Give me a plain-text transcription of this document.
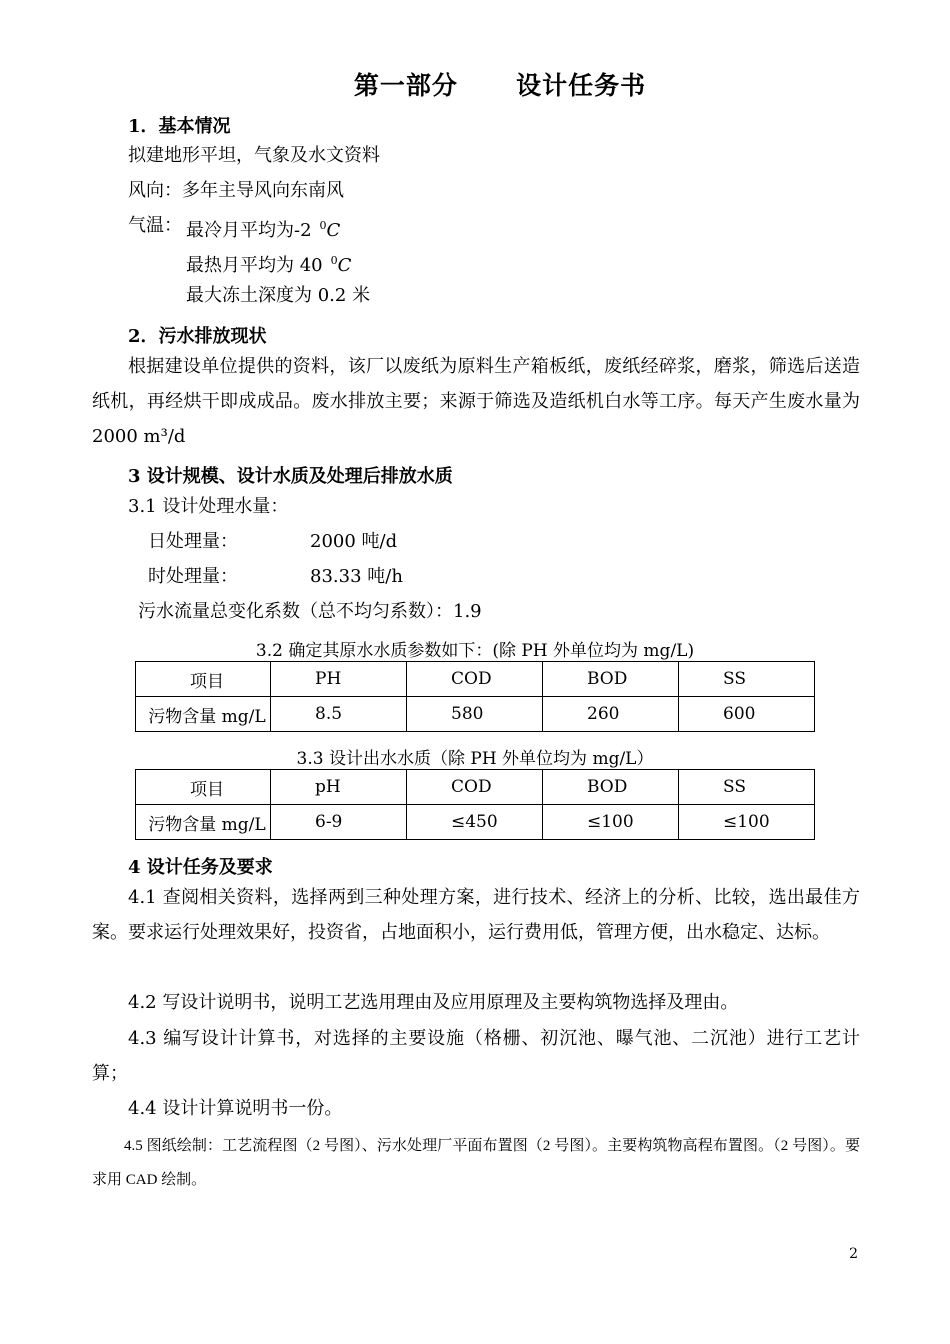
第一部分      设计任务书
1．基本情况
拟建地形平坦，气象及水文资料
风向：多年主导风向东南风
气温： 最冷月平均为-2 $^0$C
最热月平均为 40 $^0$C
最大冻土深度为 0.2 米
2．污水排放现状
根据建设单位提供的资料，该厂以废纸为原料生产箱板纸，废纸经碎浆，磨浆，筛选后送造纸机，再经烘干即成成品。废水排放主要；来源于筛选及造纸机白水等工序。每天产生废水量为 2000 m³/d
3 设计规模、设计水质及处理后排放水质
3.1 设计处理水量：
日处理量：	2000 吨/d
时处理量：	83.33 吨/h
污水流量总变化系数（总不均匀系数）：1.9
3.2 确定其原水水质参数如下：(除 PH 外单位均为 mg/L)
项目	PH	COD	BOD	SS
污物含量 mg/L	8.5	580	260	600
3.3 设计出水水质（除 PH 外单位均为 mg/L）
项目	pH	COD	BOD	SS
污物含量 mg/L	6-9	≤450	≤100	≤100
4 设计任务及要求
4.1 查阅相关资料，选择两到三种处理方案，进行技术、经济上的分析、比较，选出最佳方案。要求运行处理效果好，投资省，占地面积小，运行费用低，管理方便，出水稳定、达标。
4.2 写设计说明书，说明工艺选用理由及应用原理及主要构筑物选择及理由。
4.3 编写设计计算书，对选择的主要设施（格栅、初沉池、曝气池、二沉池）进行工艺计算；
4.4 设计计算说明书一份。
4.5 图纸绘制：工艺流程图（2 号图）、污水处理厂平面布置图（2 号图）。主要构筑物高程布置图。（2 号图）。要求用 CAD 绘制。
2
